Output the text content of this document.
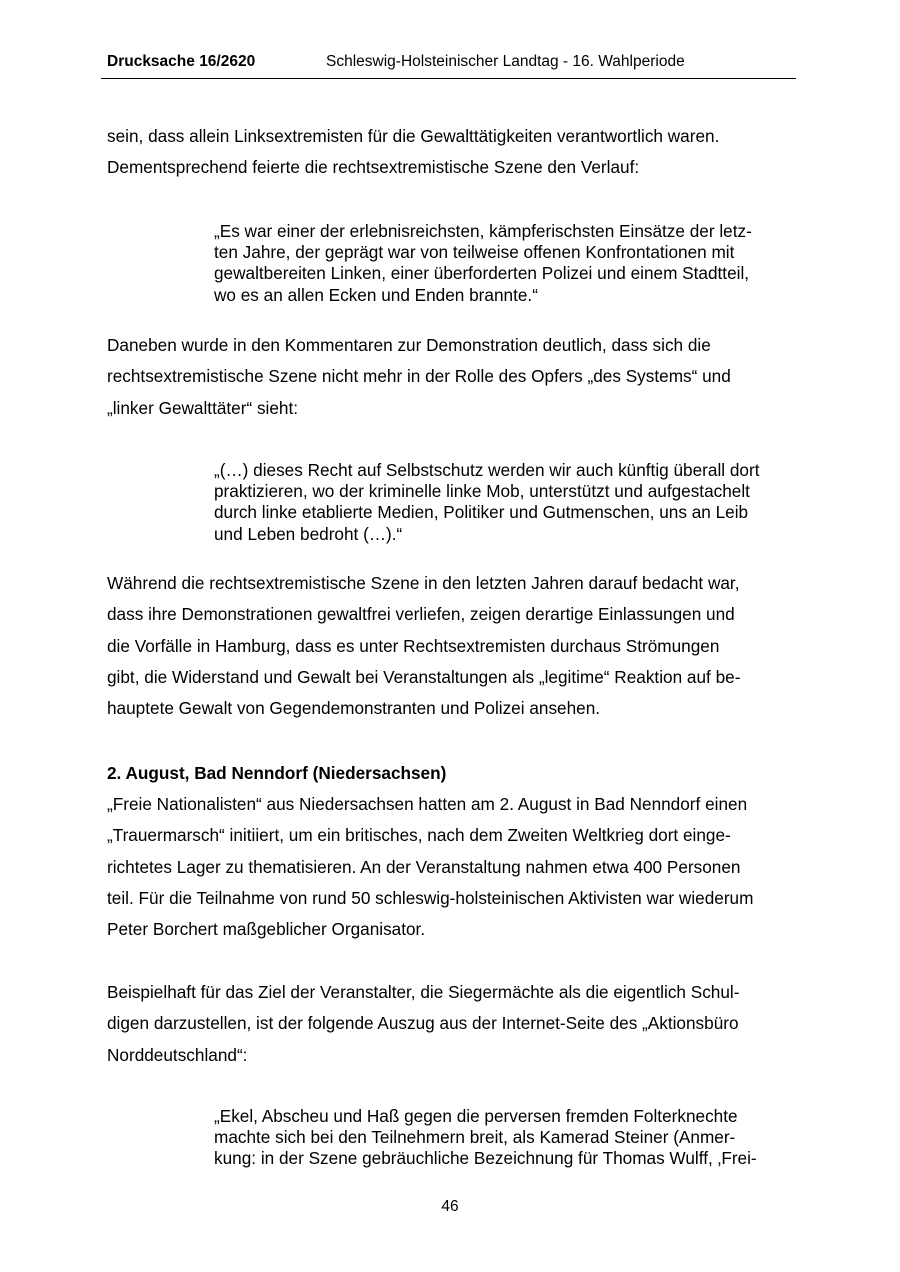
Drucksache 16/2620	Schleswig-Holsteinischer Landtag - 16. Wahlperiode

sein, dass allein Linksextremisten für die Gewalttätigkeiten verantwortlich waren.
Dementsprechend feierte die rechtsextremistische Szene den Verlauf:

„Es war einer der erlebnisreichsten, kämpferischsten Einsätze der letz-
ten Jahre, der geprägt war von teilweise offenen Konfrontationen mit
gewaltbereiten Linken, einer überforderten Polizei und einem Stadtteil,
wo es an allen Ecken und Enden brannte.“

Daneben wurde in den Kommentaren zur Demonstration deutlich, dass sich die
rechtsextremistische Szene nicht mehr in der Rolle des Opfers „des Systems“ und
„linker Gewalttäter“ sieht:

„(…) dieses Recht auf Selbstschutz werden wir auch künftig überall dort
praktizieren, wo der kriminelle linke Mob, unterstützt und aufgestachelt
durch linke etablierte Medien, Politiker und Gutmenschen, uns an Leib
und Leben bedroht (…).“

Während die rechtsextremistische Szene in den letzten Jahren darauf bedacht war,
dass ihre Demonstrationen gewaltfrei verliefen, zeigen derartige Einlassungen und
die Vorfälle in Hamburg, dass es unter Rechtsextremisten durchaus Strömungen
gibt, die Widerstand und Gewalt bei Veranstaltungen als „legitime“ Reaktion auf be-
hauptete Gewalt von Gegendemonstranten und Polizei ansehen.

2. August, Bad Nenndorf (Niedersachsen)

„Freie Nationalisten“ aus Niedersachsen hatten am 2. August in Bad Nenndorf einen
„Trauermarsch“ initiiert, um ein britisches, nach dem Zweiten Weltkrieg dort einge-
richtetes Lager zu thematisieren. An der Veranstaltung nahmen etwa 400 Personen
teil. Für die Teilnahme von rund 50 schleswig-holsteinischen Aktivisten war wiederum
Peter Borchert maßgeblicher Organisator.

Beispielhaft für das Ziel der Veranstalter, die Siegermächte als die eigentlich Schul-
digen darzustellen, ist der folgende Auszug aus der Internet-Seite des „Aktionsbüro
Norddeutschland“:

„Ekel, Abscheu und Haß gegen die perversen fremden Folterknechte
machte sich bei den Teilnehmern breit, als Kamerad Steiner (Anmer-
kung: in der Szene gebräuchliche Bezeichnung für Thomas Wulff, ‚Frei-

46
